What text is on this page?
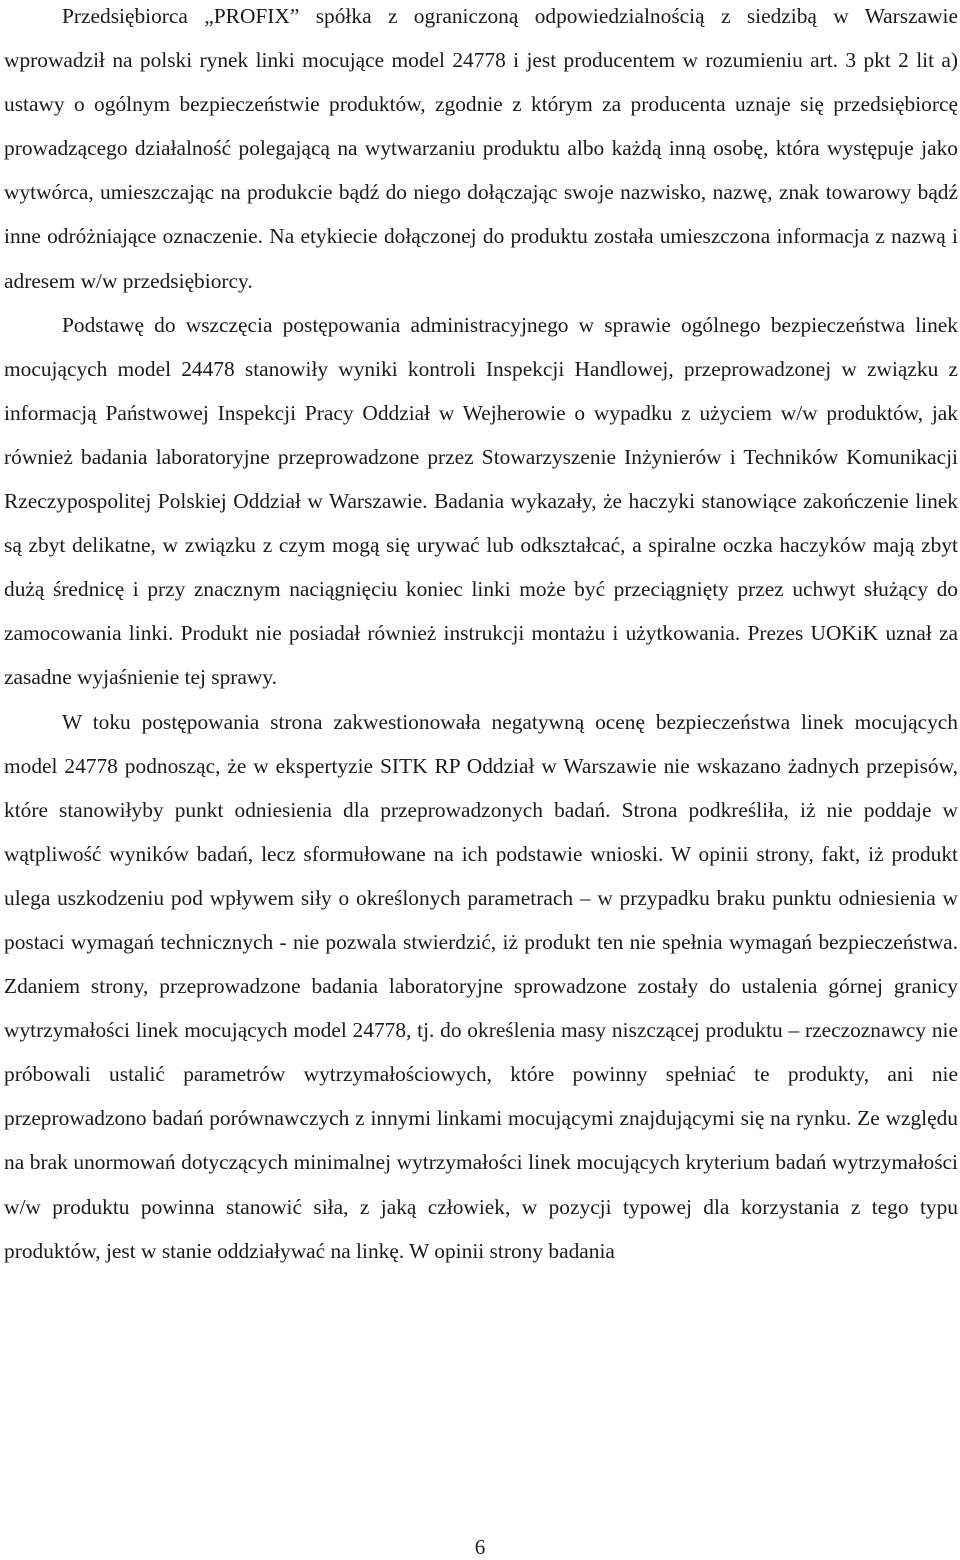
Przedsiębiorca „PROFIX” spółka z ograniczoną odpowiedzialnością z siedzibą w Warszawie wprowadził na polski rynek linki mocujące model 24778 i jest producentem w rozumieniu art. 3 pkt 2 lit a) ustawy o ogólnym bezpieczeństwie produktów, zgodnie z którym za producenta uznaje się przedsiębiorcę prowadzącego działalność polegającą na wytwarzaniu produktu albo każdą inną osobę, która występuje jako wytwórca, umieszczając na produkcie bądź do niego dołączając swoje nazwisko, nazwę, znak towarowy bądź inne odróżniające oznaczenie. Na etykiecie dołączonej do produktu została umieszczona informacja z nazwą i adresem w/w przedsiębiorcy.

Podstawę do wszczęcia postępowania administracyjnego w sprawie ogólnego bezpieczeństwa linek mocujących model 24478 stanowiły wyniki kontroli Inspekcji Handlowej, przeprowadzonej w związku z informacją Państwowej Inspekcji Pracy Oddział w Wejherowie o wypadku z użyciem w/w produktów, jak również badania laboratoryjne przeprowadzone przez Stowarzyszenie Inżynierów i Techników Komunikacji Rzeczypospolitej Polskiej Oddział w Warszawie. Badania wykazały, że haczyki stanowiące zakończenie linek są zbyt delikatne, w związku z czym mogą się urywać lub odkształcać, a spiralne oczka haczyków mają zbyt dużą średnicę i przy znacznym naciągnięciu koniec linki może być przeciągnięty przez uchwyt służący do zamocowania linki. Produkt nie posiadał również instrukcji montażu i użytkowania. Prezes UOKiK uznał za zasadne wyjaśnienie tej sprawy.

W toku postępowania strona zakwestionowała negatywną ocenę bezpieczeństwa linek mocujących model 24778 podnosząc, że w ekspertyzie SITK RP Oddział w Warszawie nie wskazano żadnych przepisów, które stanowiłyby punkt odniesienia dla przeprowadzonych badań. Strona podkreśliła, iż nie poddaje w wątpliwość wyników badań, lecz sformułowane na ich podstawie wnioski. W opinii strony, fakt, iż produkt ulega uszkodzeniu pod wpływem siły o określonych parametrach – w przypadku braku punktu odniesienia w postaci wymagań technicznych - nie pozwala stwierdzić, iż produkt ten nie spełnia wymagań bezpieczeństwa. Zdaniem strony, przeprowadzone badania laboratoryjne sprowadzone zostały do ustalenia górnej granicy wytrzymałości linek mocujących model 24778, tj. do określenia masy niszczącej produktu – rzeczoznawcy nie próbowali ustalić parametrów wytrzymałościowych, które powinny spełniać te produkty, ani nie przeprowadzono badań porównawczych z innymi linkami mocującymi znajdującymi się na rynku. Ze względu na brak unormowań dotyczących minimalnej wytrzymałości linek mocujących kryterium badań wytrzymałości w/w produktu powinna stanowić siła, z jaką człowiek, w pozycji typowej dla korzystania z tego typu produktów, jest w stanie oddziaływać na linkę. W opinii strony badania

6
